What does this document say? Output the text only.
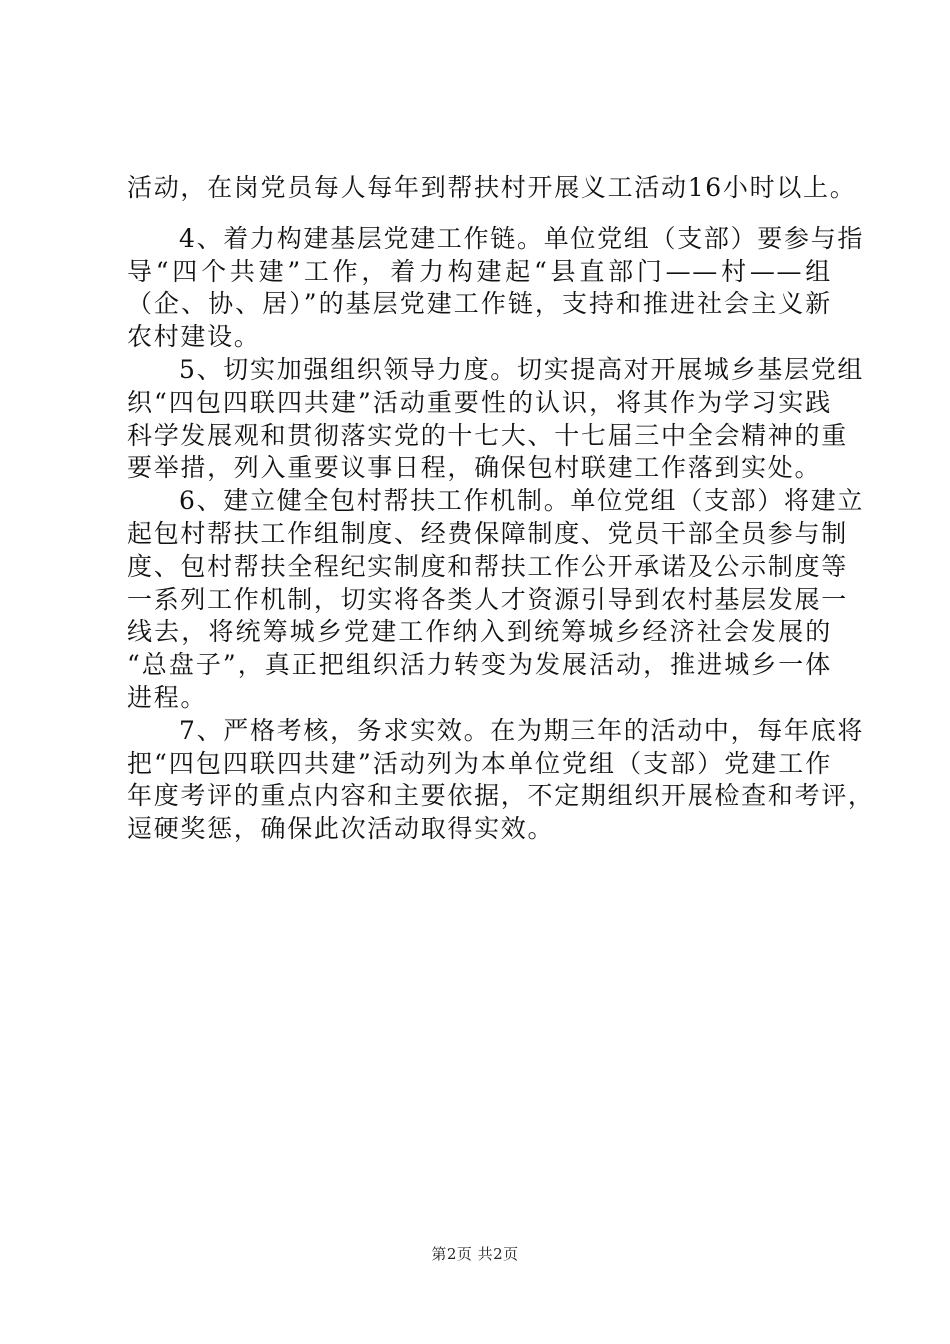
活动，在岗党员每人每年到帮扶村开展义工活动16小时以上。
4、着力构建基层党建工作链。单位党组（支部）要参与指
导“四个共建”工作，着力构建起“县直部门——村——组
（企、协、居）”的基层党建工作链，支持和推进社会主义新
农村建设。
5、切实加强组织领导力度。切实提高对开展城乡基层党组
织“四包四联四共建”活动重要性的认识，将其作为学习实践
科学发展观和贯彻落实党的十七大、十七届三中全会精神的重
要举措，列入重要议事日程，确保包村联建工作落到实处。
6、建立健全包村帮扶工作机制。单位党组（支部）将建立
起包村帮扶工作组制度、经费保障制度、党员干部全员参与制
度、包村帮扶全程纪实制度和帮扶工作公开承诺及公示制度等
一系列工作机制，切实将各类人才资源引导到农村基层发展一
线去，将统筹城乡党建工作纳入到统筹城乡经济社会发展的
“总盘子”，真正把组织活力转变为发展活动，推进城乡一体
进程。
7、严格考核，务求实效。在为期三年的活动中，每年底将
把“四包四联四共建”活动列为本单位党组（支部）党建工作
年度考评的重点内容和主要依据，不定期组织开展检查和考评，
逗硬奖惩，确保此次活动取得实效。
第2页 共2页
